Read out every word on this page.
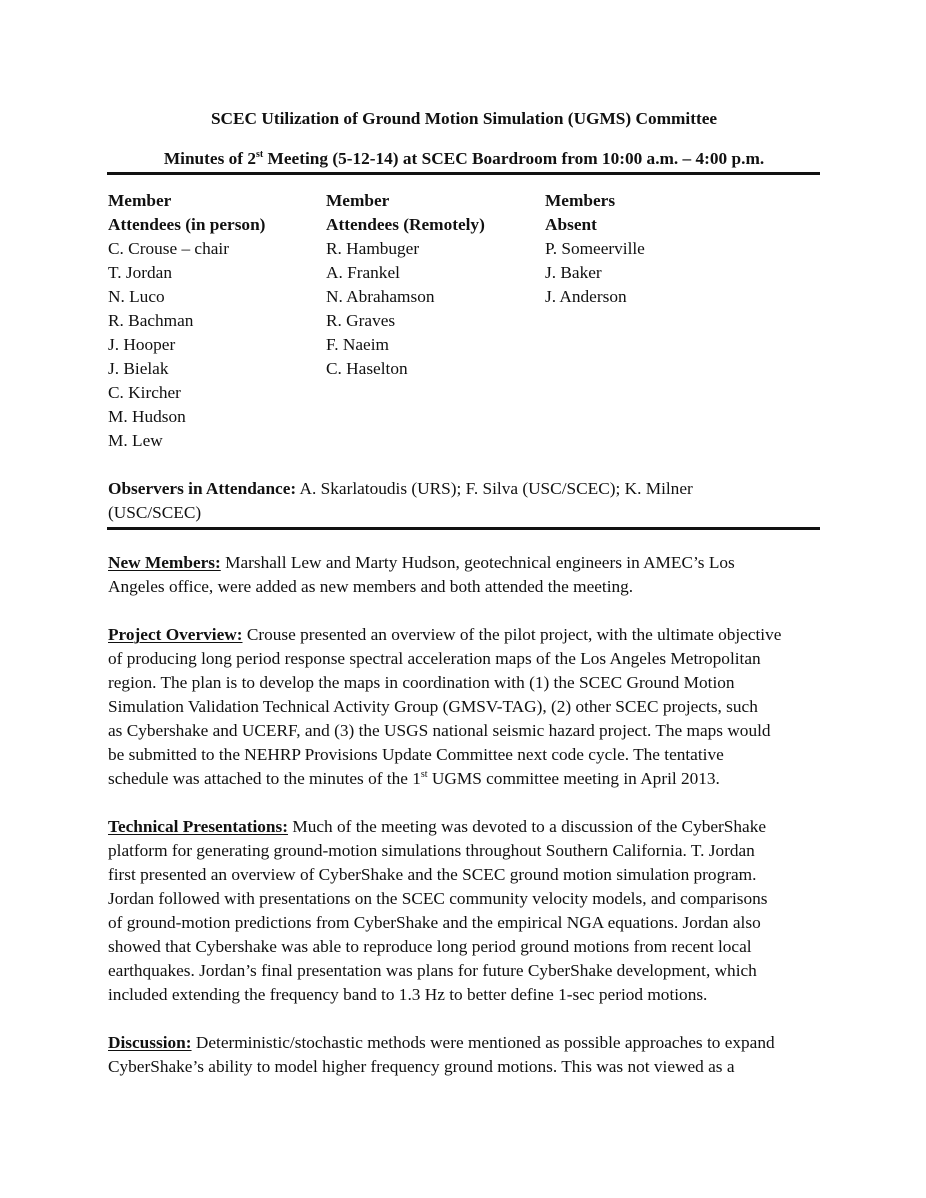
SCEC Utilization of Ground Motion Simulation (UGMS) Committee
Minutes of 2st Meeting (5-12-14) at SCEC Boardroom from 10:00 a.m. – 4:00 p.m.
Member
Attendees (in person)
C. Crouse – chair
T. Jordan
N. Luco
R. Bachman
J. Hooper
J. Bielak
C. Kircher
M. Hudson
M. Lew
Member
Attendees (Remotely)
R. Hambuger
A. Frankel
N. Abrahamson
R. Graves
F. Naeim
C. Haselton
Members
Absent
P. Someerville
J. Baker
J. Anderson
Observers in Attendance: A. Skarlatoudis (URS); F. Silva (USC/SCEC); K. Milner
(USC/SCEC)
New Members: Marshall Lew and Marty Hudson, geotechnical engineers in AMEC’s Los
Angeles office, were added as new members and both attended the meeting.
Project Overview: Crouse presented an overview of the pilot project, with the ultimate objective
of producing long period response spectral acceleration maps of the Los Angeles Metropolitan
region. The plan is to develop the maps in coordination with (1) the SCEC Ground Motion
Simulation Validation Technical Activity Group (GMSV-TAG), (2) other SCEC projects, such
as Cybershake and UCERF, and (3) the USGS national seismic hazard project. The maps would
be submitted to the NEHRP Provisions Update Committee next code cycle. The tentative
schedule was attached to the minutes of the 1st UGMS committee meeting in April 2013.
Technical Presentations: Much of the meeting was devoted to a discussion of the CyberShake
platform for generating ground-motion simulations throughout Southern California. T. Jordan
first presented an overview of CyberShake and the SCEC ground motion simulation program.
Jordan followed with presentations on the SCEC community velocity models, and comparisons
of ground-motion predictions from CyberShake and the empirical NGA equations. Jordan also
showed that Cybershake was able to reproduce long period ground motions from recent local
earthquakes. Jordan’s final presentation was plans for future CyberShake development, which
included extending the frequency band to 1.3 Hz to better define 1-sec period motions.
Discussion: Deterministic/stochastic methods were mentioned as possible approaches to expand
CyberShake’s ability to model higher frequency ground motions. This was not viewed as a
